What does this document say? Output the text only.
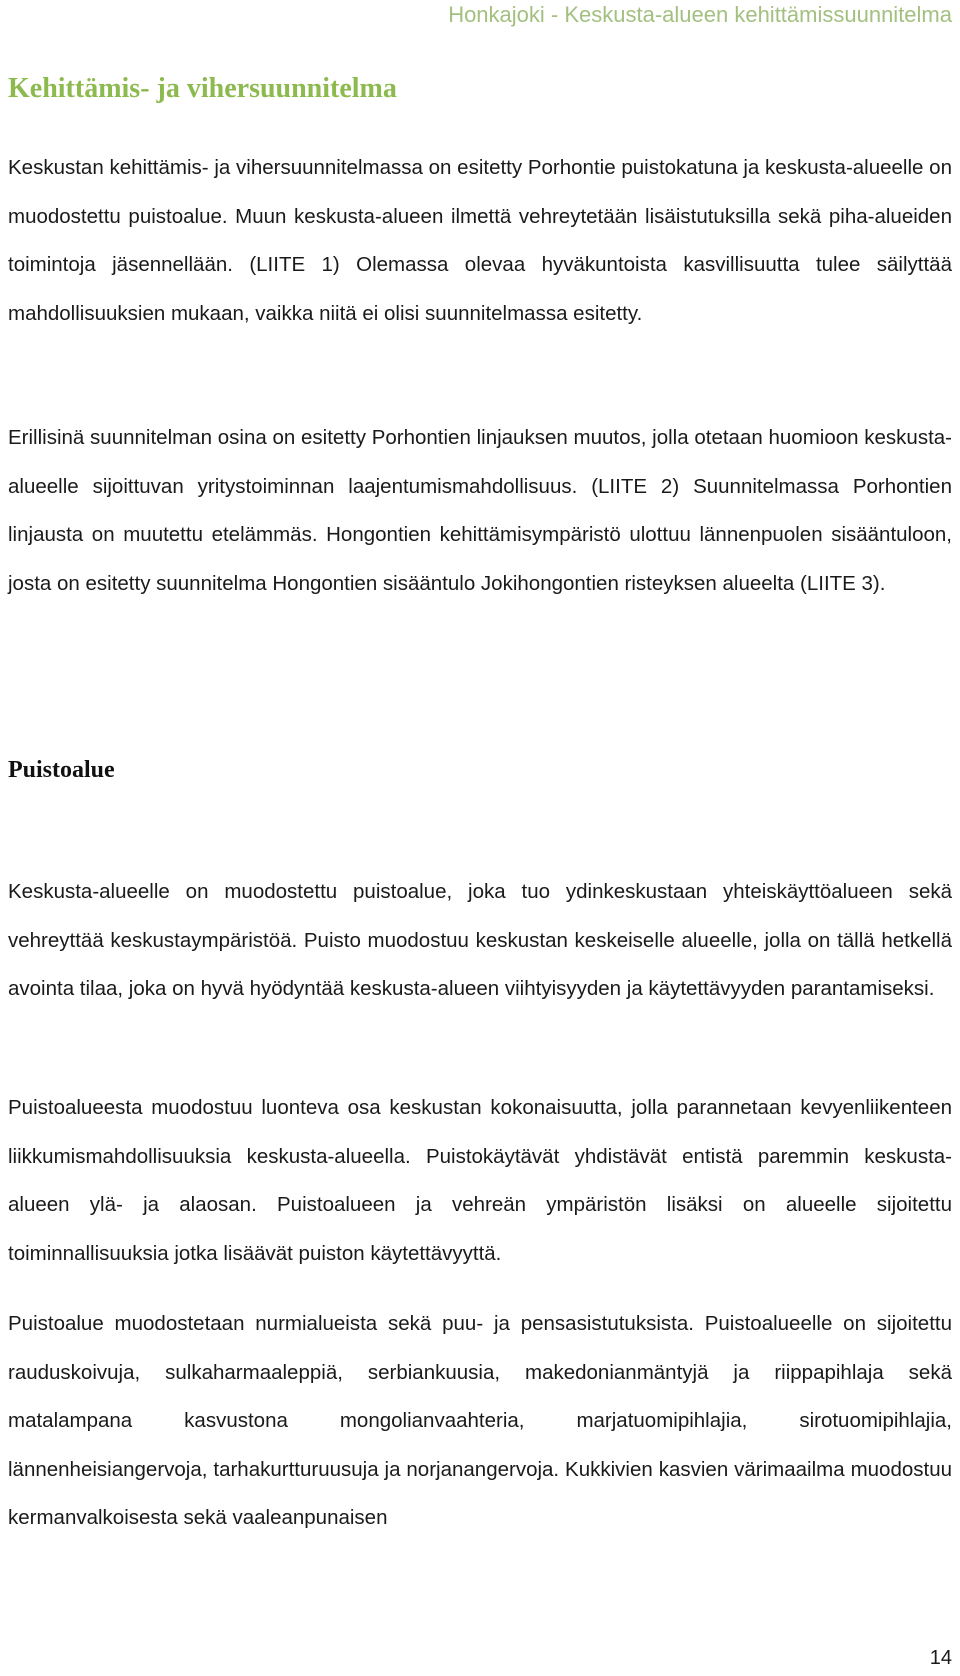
Honkajoki - Keskusta-alueen kehittämissuunnitelma
Kehittämis- ja vihersuunnitelma

Keskustan kehittämis- ja vihersuunnitelmassa on esitetty Porhontie puistokatuna ja keskusta-alueelle on muodostettu puistoalue. Muun keskusta-alueen ilmettä vehreytetään lisäistutuksilla sekä piha-alueiden toimintoja jäsennellään. (LIITE 1) Olemassa olevaa hyväkuntoista kasvillisuutta tulee säilyttää mahdollisuuksien mukaan, vaikka niitä ei olisi suunnitelmassa esitetty.

Erillisinä suunnitelman osina on esitetty Porhontien linjauksen muutos, jolla otetaan huomioon keskusta-alueelle sijoittuvan yritystoiminnan laajentumismahdollisuus. (LIITE 2) Suunnitelmassa Porhontien linjausta on muutettu etelämmäs. Hongontien kehittämisympäristö ulottuu lännenpuolen sisääntuloon, josta on esitetty suunnitelma Hongontien sisääntulo Jokihongontien risteyksen alueelta (LIITE 3).

Puistoalue

Keskusta-alueelle on muodostettu puistoalue, joka tuo ydinkeskustaan yhteiskäyttöalueen sekä vehreyttää keskustaympäristöä. Puisto muodostuu keskustan keskeiselle alueelle, jolla on tällä hetkellä avointa tilaa, joka on hyvä hyödyntää keskusta-alueen viihtyisyyden ja käytettävyyden parantamiseksi.

Puistoalueesta muodostuu luonteva osa keskustan kokonaisuutta, jolla parannetaan kevyenliikenteen liikkumismahdollisuuksia keskusta-alueella. Puistokäytävät yhdistävät entistä paremmin keskusta-alueen ylä- ja alaosan. Puistoalueen ja vehreän ympäristön lisäksi on alueelle sijoitettu toiminnallisuuksia jotka lisäävät puiston käytettävyyttä.

Puistoalue muodostetaan nurmialueista sekä puu- ja pensasistutuksista. Puistoalueelle on sijoitettu rauduskoivuja, sulkaharmaaleppiä, serbiankuusia, makedonianmäntyjä ja riippapihlaja sekä matalampana kasvustona mongolianvaahteria, marjatuomipihlajia, sirotuomipihlajia, lännenheisiangervoja, tarhakurtturuusuja ja norjanangervoja. Kukkivien kasvien värimaailma muodostuu kermanvalkoisesta sekä vaaleanpunaisen

14
